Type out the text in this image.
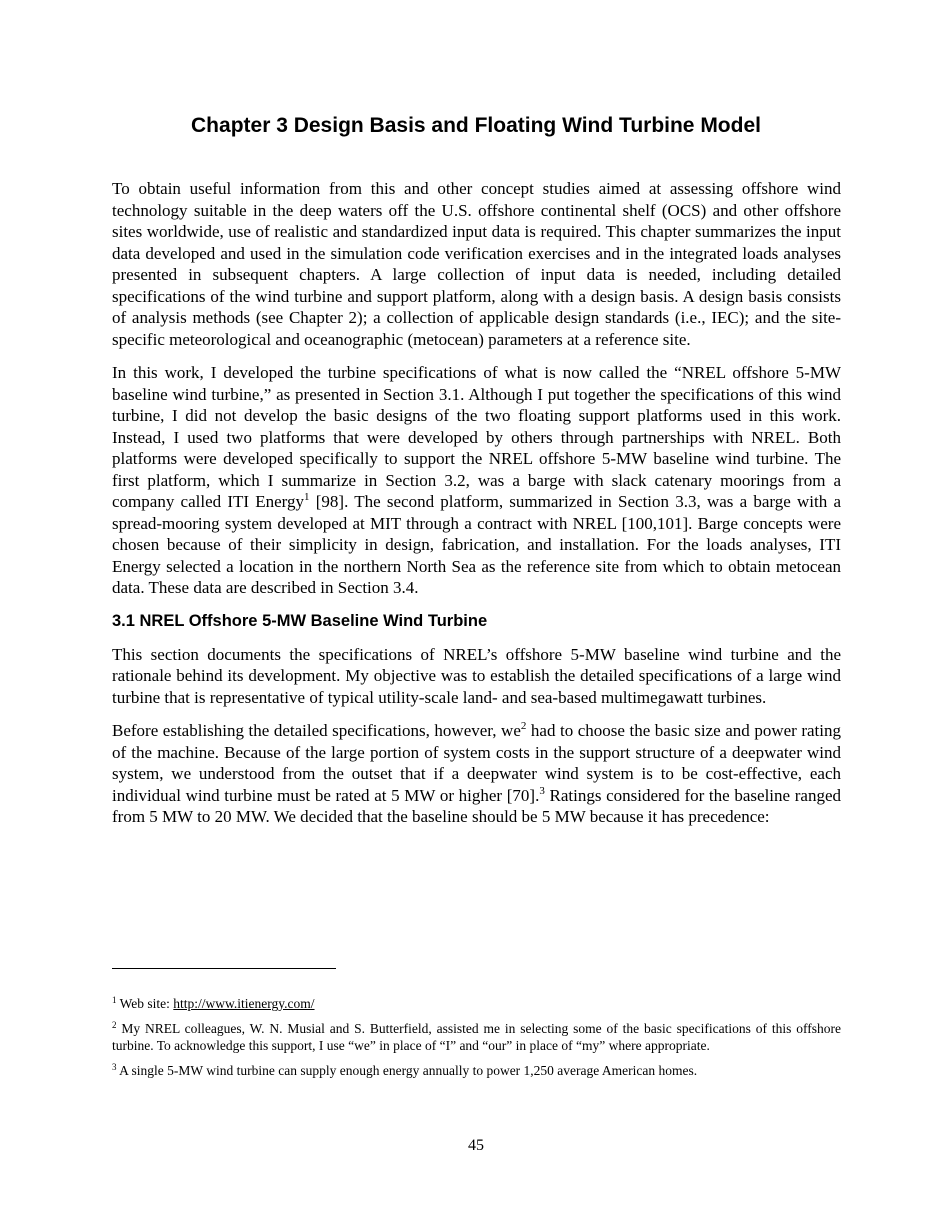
Chapter 3 Design Basis and Floating Wind Turbine Model

To obtain useful information from this and other concept studies aimed at assessing offshore wind technology suitable in the deep waters off the U.S. offshore continental shelf (OCS) and other offshore sites worldwide, use of realistic and standardized input data is required. This chapter summarizes the input data developed and used in the simulation code verification exercises and in the integrated loads analyses presented in subsequent chapters. A large collection of input data is needed, including detailed specifications of the wind turbine and support platform, along with a design basis. A design basis consists of analysis methods (see Chapter 2); a collection of applicable design standards (i.e., IEC); and the site-specific meteorological and oceanographic (metocean) parameters at a reference site.

In this work, I developed the turbine specifications of what is now called the “NREL offshore 5-MW baseline wind turbine,” as presented in Section 3.1. Although I put together the specifications of this wind turbine, I did not develop the basic designs of the two floating support platforms used in this work. Instead, I used two platforms that were developed by others through partnerships with NREL. Both platforms were developed specifically to support the NREL offshore 5-MW baseline wind turbine. The first platform, which I summarize in Section 3.2, was a barge with slack catenary moorings from a company called ITI Energy$^1$ [98]. The second platform, summarized in Section 3.3, was a barge with a spread-mooring system developed at MIT through a contract with NREL [100,101]. Barge concepts were chosen because of their simplicity in design, fabrication, and installation. For the loads analyses, ITI Energy selected a location in the northern North Sea as the reference site from which to obtain metocean data. These data are described in Section 3.4.

3.1 NREL Offshore 5-MW Baseline Wind Turbine

This section documents the specifications of NREL’s offshore 5-MW baseline wind turbine and the rationale behind its development. My objective was to establish the detailed specifications of a large wind turbine that is representative of typical utility-scale land- and sea-based multimegawatt turbines.

Before establishing the detailed specifications, however, $we^2$ had to choose the basic size and power rating of the machine. Because of the large portion of system costs in the support structure of a deepwater wind system, we understood from the outset that if a deepwater wind system is to be cost-effective, each individual wind turbine must be rated at 5 MW or higher [70].$^3$ Ratings considered for the baseline ranged from 5 MW to 20 MW. We decided that the baseline should be 5 MW because it has precedence:

$^1$ Web site: http://www.itienergy.com/

$^2$ My NREL colleagues, W. N. Musial and S. Butterfield, assisted me in selecting some of the basic specifications of this offshore turbine. To acknowledge this support, I use “we” in place of “I” and “our” in place of “my” where appropriate.

$^3$ A single 5-MW wind turbine can supply enough energy annually to power 1,250 average American homes.

45
